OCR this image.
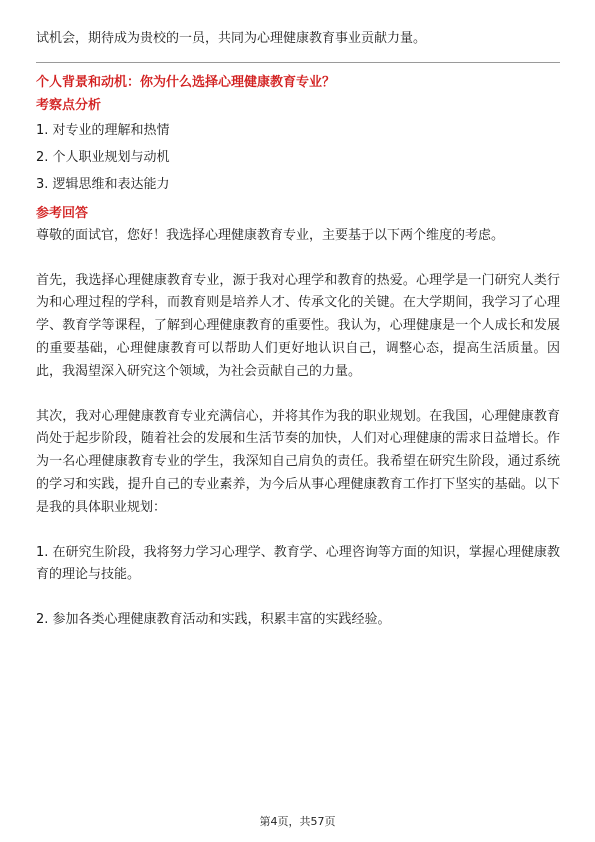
试机会，期待成为贵校的一员，共同为心理健康教育事业贡献力量。

个人背景和动机：你为什么选择心理健康教育专业？

考察点分析

1. 对专业的理解和热情
2. 个人职业规划与动机
3. 逻辑思维和表达能力

参考回答

尊敬的面试官，您好！我选择心理健康教育专业，主要基于以下两个维度的考虑。

首先，我选择心理健康教育专业，源于我对心理学和教育的热爱。心理学是一门研究人类行为和心理过程的学科，而教育则是培养人才、传承文化的关键。在大学期间，我学习了心理学、教育学等课程，了解到心理健康教育的重要性。我认为，心理健康是一个人成长和发展的重要基础，心理健康教育可以帮助人们更好地认识自己，调整心态，提高生活质量。因此，我渴望深入研究这个领域，为社会贡献自己的力量。

其次，我对心理健康教育专业充满信心，并将其作为我的职业规划。在我国，心理健康教育尚处于起步阶段，随着社会的发展和生活节奏的加快，人们对心理健康的需求日益增长。作为一名心理健康教育专业的学生，我深知自己肩负的责任。我希望在研究生阶段，通过系统的学习和实践，提升自己的专业素养，为今后从事心理健康教育工作打下坚实的基础。以下是我的具体职业规划：

1. 在研究生阶段，我将努力学习心理学、教育学、心理咨询等方面的知识，掌握心理健康教育的理论与技能。

2. 参加各类心理健康教育活动和实践，积累丰富的实践经验。

第4页，共57页
